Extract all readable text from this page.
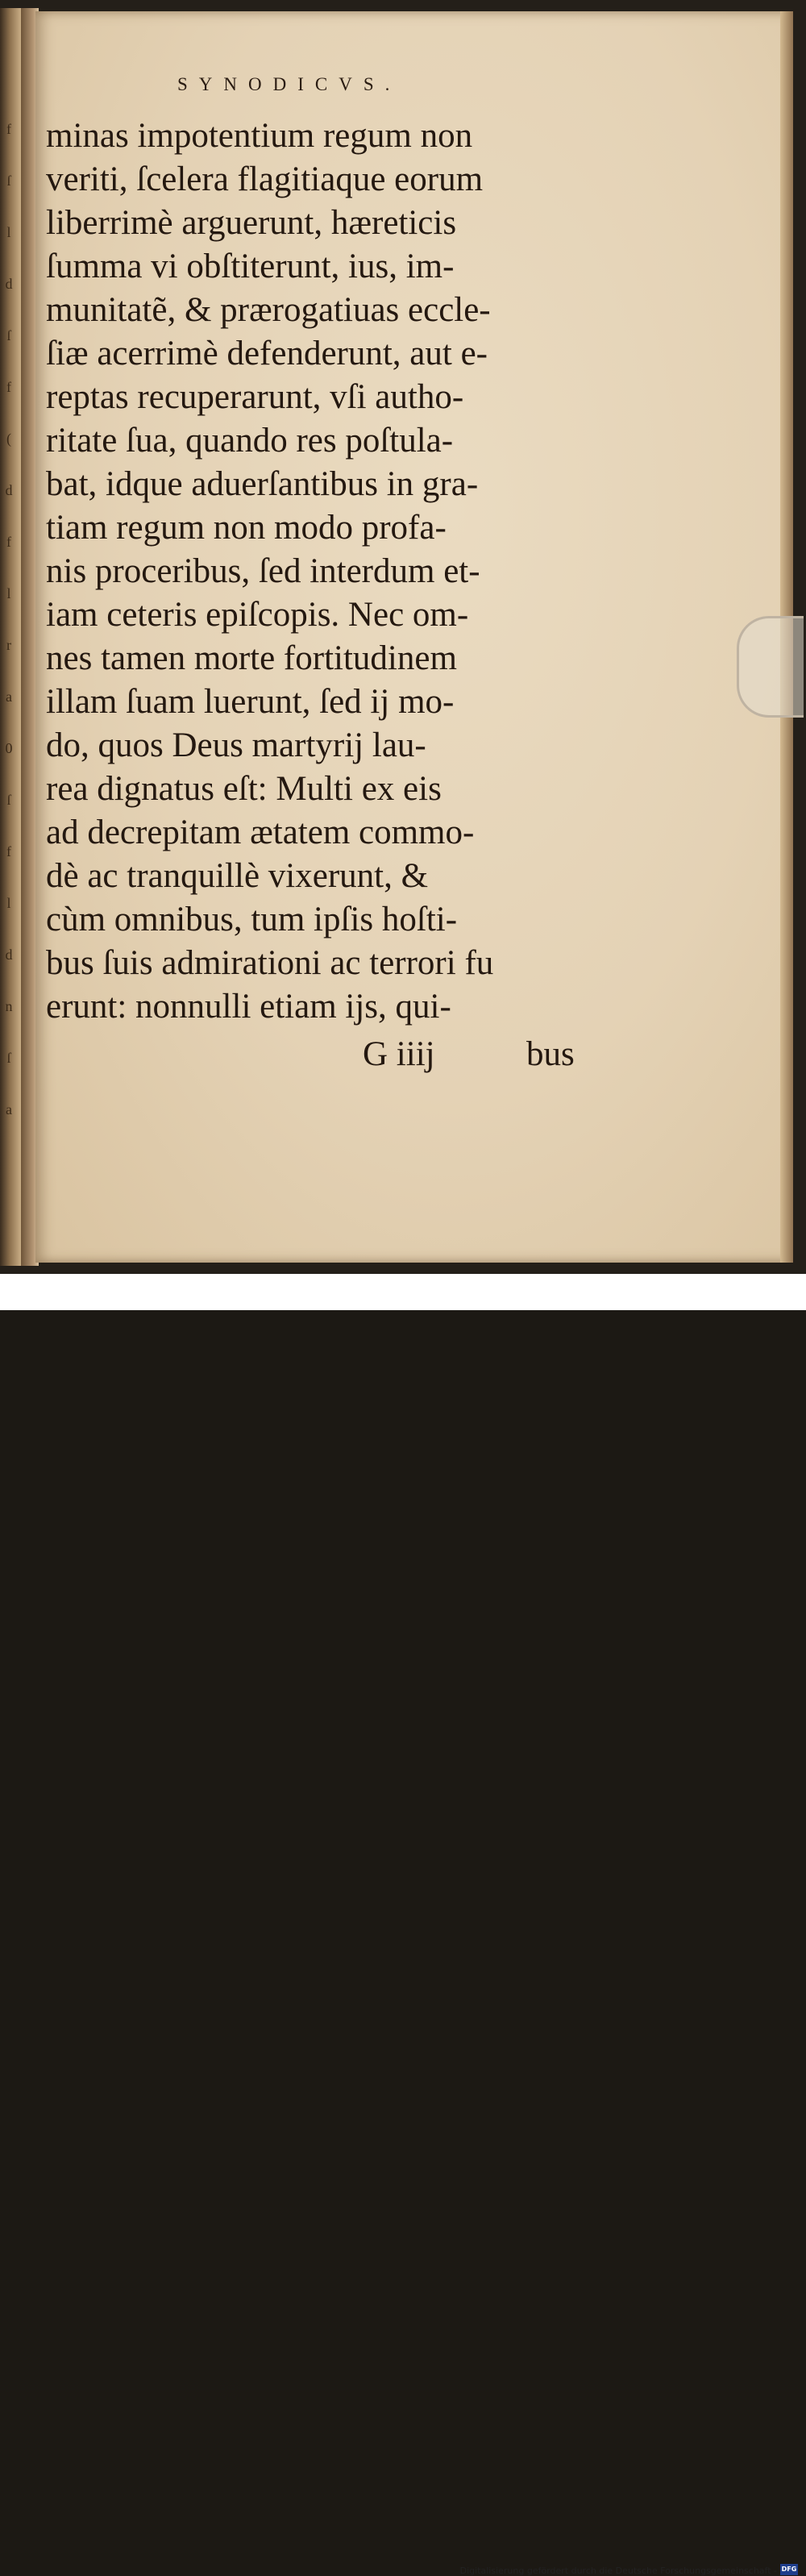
f
ſ
l
d
ſ
f
(
d
f
l
r
a
0
ſ
f
l
d
n
ſ
a
SYNODICVS.
minas impotentium regum non
veriti, ſcelera flagitiaque eorum
liberrimè arguerunt, hæreticis
ſumma vi obſtiterunt, ius, im-
munitatẽ, & prærogatiuas eccle-
ſiæ acerrimè defenderunt, aut e-
reptas recuperarunt, vſi autho-
ritate ſua, quando res poſtula-
bat, idque aduerſantibus in gra-
tiam regum non modo profa-
nis proceribus, ſed interdum et-
iam ceteris epiſcopis. Nec om-
nes tamen morte fortitudinem
illam ſuam luerunt, ſed ij mo-
do, quos Deus martyrij lau-
rea dignatus eſt: Multi ex eis
ad decrepitam ætatem commo-
dè ac tranquillè vixerunt, &
cùm omnibus, tum ipſis hoſti-
bus ſuis admirationi ac terrori fu
erunt: nonnulli etiam ijs, qui-
G iiij	bus
Digitalisierung gefördert durch die Deutsche Forschungsgemeinschaft - DFG
